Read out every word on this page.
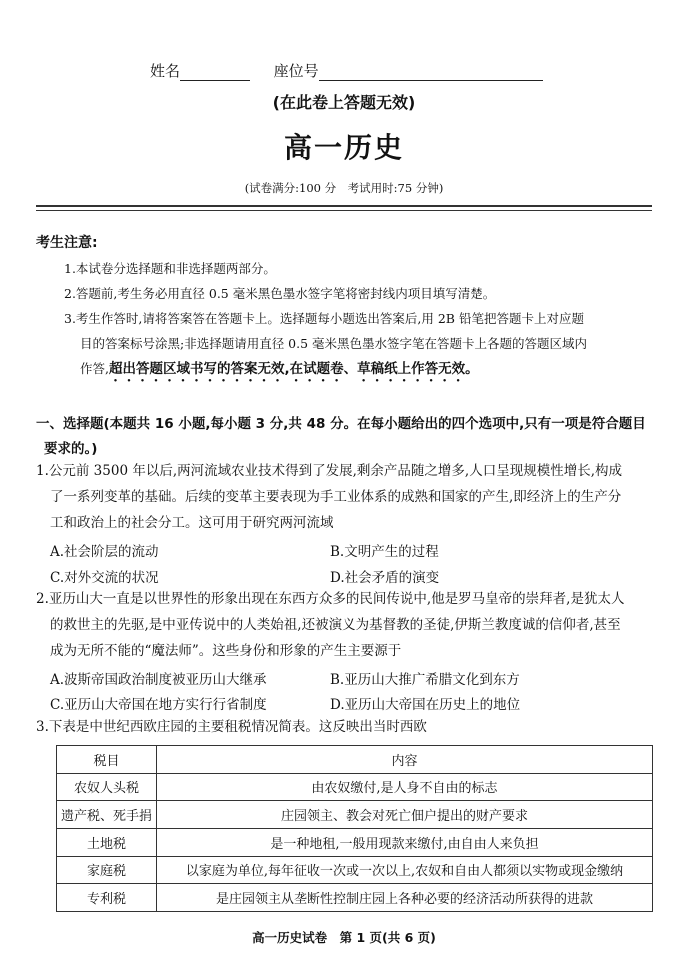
姓名	座位号
(在此卷上答题无效)
高一历史
(试卷满分:100 分　考试用时:75 分钟)
考生注意:
1.本试卷分选择题和非选择题两部分。
2.答题前,考生务必用直径 0.5 毫米黑色墨水签字笔将密封线内项目填写清楚。
3.考生作答时,请将答案答在答题卡上。选择题每小题选出答案后,用 2B 铅笔把答题卡上对应题
目的答案标号涂黑;非选择题请用直径 0.5 毫米黑色墨水签字笔在答题卡上各题的答题区域内
作答,超出答题区域书写的答案无效,在试题卷、草稿纸上作答无效。
一、选择题(本题共 16 小题,每小题 3 分,共 48 分。在每小题给出的四个选项中,只有一项是符合题目
要求的。)
1.公元前 3500 年以后,两河流域农业技术得到了发展,剩余产品随之增多,人口呈现规模性增长,构成
了一系列变革的基础。后续的变革主要表现为手工业体系的成熟和国家的产生,即经济上的生产分
工和政治上的社会分工。这可用于研究两河流域
A.社会阶层的流动	B.文明产生的过程
C.对外交流的状况	D.社会矛盾的演变
2.亚历山大一直是以世界性的形象出现在东西方众多的民间传说中,他是罗马皇帝的崇拜者,是犹太人
的救世主的先驱,是中亚传说中的人类始祖,还被演义为基督教的圣徒,伊斯兰教度诚的信仰者,甚至
成为无所不能的“魔法师”。这些身份和形象的产生主要源于
A.波斯帝国政治制度被亚历山大继承	B.亚历山大推广希腊文化到东方
C.亚历山大帝国在地方实行行省制度	D.亚历山大帝国在历史上的地位
3.下表是中世纪西欧庄园的主要租税情况简表。这反映出当时西欧
税目	内容
农奴人头税	由农奴缴付,是人身不自由的标志
遗产税、死手捐	庄园领主、教会对死亡佃户提出的财产要求
土地税	是一种地租,一般用现款来缴付,由自由人来负担
家庭税	以家庭为单位,每年征收一次或一次以上,农奴和自由人都须以实物或现金缴纳
专利税	是庄园领主从垄断性控制庄园上各种必要的经济活动所获得的进款
高一历史试卷　第 1 页(共 6 页)
